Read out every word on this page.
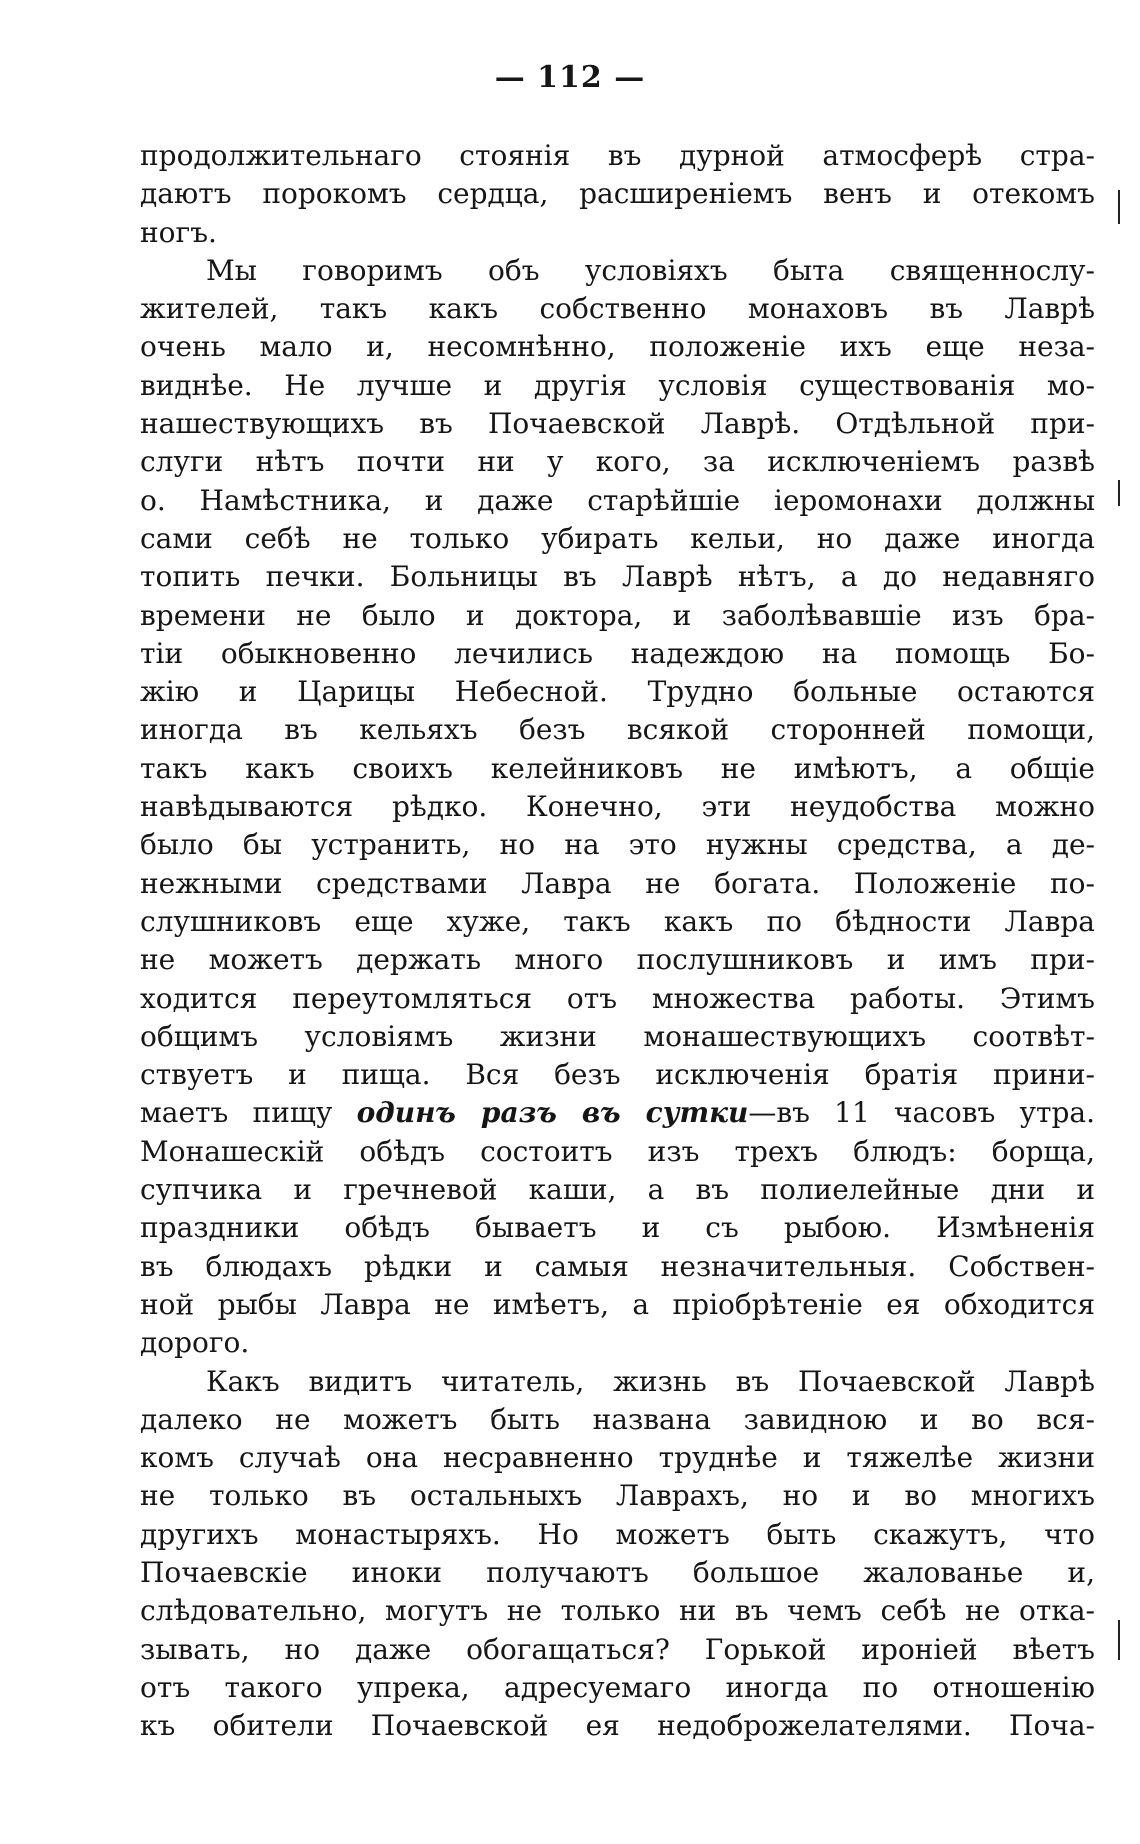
— 112 —
продолжительнаго стоянія въ дурной атмосферѣ стра-
даютъ порокомъ сердца, расширеніемъ венъ и отекомъ
ногъ.
Мы говоримъ объ условіяхъ быта священнослу-
жителей, такъ какъ собственно монаховъ въ Лаврѣ
очень мало и, несомнѣнно, положеніе ихъ еще неза-
виднѣе. Не лучше и другія условія существованія мо-
нашествующихъ въ Почаевской Лаврѣ. Отдѣльной при-
слуги нѣтъ почти ни у кого, за исключеніемъ развѣ
о. Намѣстника, и даже старѣйшіе іеромонахи должны
сами себѣ не только убирать кельи, но даже иногда
топить печки. Больницы въ Лаврѣ нѣтъ, а до недавняго
времени не было и доктора, и заболѣвавшіе изъ бра-
тіи обыкновенно лечились надеждою на помощь Бо-
жію и Царицы Небесной. Трудно больные остаются
иногда въ кельяхъ безъ всякой сторонней помощи,
такъ какъ своихъ келейниковъ не имѣютъ, а общіе
навѣдываются рѣдко. Конечно, эти неудобства можно
было бы устранить, но на это нужны средства, а де-
нежными средствами Лавра не богата. Положеніе по-
слушниковъ еще хуже, такъ какъ по бѣдности Лавра
не можетъ держать много послушниковъ и имъ при-
ходится переутомляться отъ множества работы. Этимъ
общимъ условіямъ жизни монашествующихъ соотвѣт-
ствуетъ и пища. Вся безъ исключенія братія прини-
маетъ пищу одинъ разъ въ сутки—въ 11 часовъ утра.
Монашескій обѣдъ состоитъ изъ трехъ блюдъ: борща,
супчика и гречневой каши, а въ полиелейные дни и
праздники обѣдъ бываетъ и съ рыбою. Измѣненія
въ блюдахъ рѣдки и самыя незначительныя. Собствен-
ной рыбы Лавра не имѣетъ, а пріобрѣтеніе ея обходится
дорого.
Какъ видитъ читатель, жизнь въ Почаевской Лаврѣ
далеко не можетъ быть названа завидною и во вся-
комъ случаѣ она несравненно труднѣе и тяжелѣе жизни
не только въ остальныхъ Лаврахъ, но и во многихъ
другихъ монастыряхъ. Но можетъ быть скажутъ, что
Почаевскіе иноки получаютъ большое жалованье и,
слѣдовательно, могутъ не только ни въ чемъ себѣ не отка-
зывать, но даже обогащаться? Горькой ироніей вѣетъ
отъ такого упрека, адресуемаго иногда по отношенію
къ обители Почаевской ея недоброжелателями. Поча-
